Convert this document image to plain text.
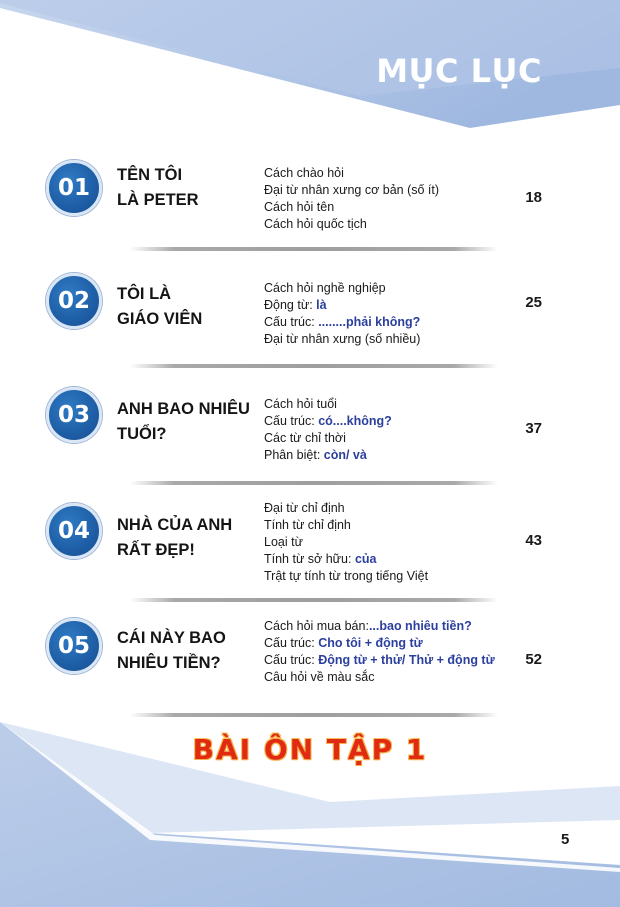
MỤC LỤC
01	TÊN TÔI
LÀ PETER
Cách chào hỏi
Đại từ nhân xưng cơ bản (số ít)
Cách hỏi tên
Cách hỏi quốc tịch
18
02	TÔI LÀ
GIÁO VIÊN
Cách hỏi nghề nghiệp
Động từ: là
Cấu trúc: ........phải không?
Đại từ nhân xưng (số nhiều)
25
03	ANH BAO NHIÊU
TUỔI?
Cách hỏi tuổi
Cấu trúc: có....không?
Các từ chỉ thời
Phân biệt: còn/ và
37
04	NHÀ CỦA ANH
RẤT ĐẸP!
Đại từ chỉ định
Tính từ chỉ định
Loại từ
Tính từ sở hữu: của
Trật tự tính từ trong tiếng Việt
43
05	CÁI NÀY BAO
NHIÊU TIỀN?
Cách hỏi mua bán:...bao nhiêu tiền?
Cấu trúc: Cho tôi + động từ
Cấu trúc: Động từ + thử/ Thử + động từ
Câu hỏi về màu sắc
52
BÀI ÔN TẬP 1
5
